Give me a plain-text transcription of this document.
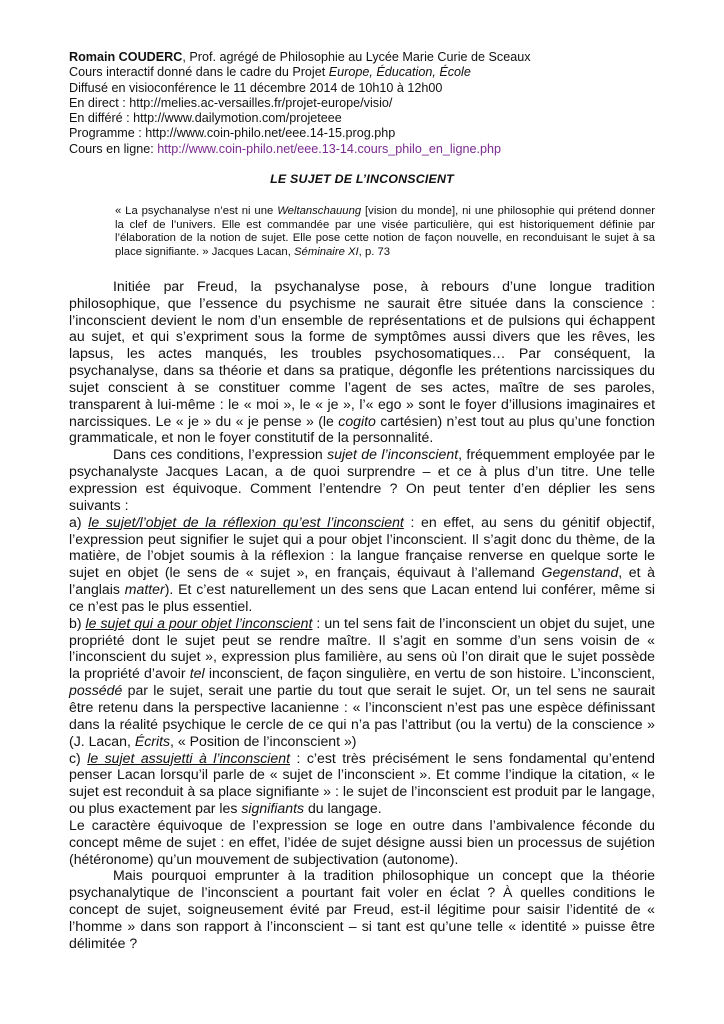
Romain COUDERC, Prof. agrégé de Philosophie au Lycée Marie Curie de Sceaux
Cours interactif donné dans le cadre du Projet Europe, Éducation, École
Diffusé en visioconférence le 11 décembre 2014 de 10h10 à 12h00
En direct : http://melies.ac-versailles.fr/projet-europe/visio/
En différé : http://www.dailymotion.com/projeteee
Programme : http://www.coin-philo.net/eee.14-15.prog.php
Cours en ligne: http://www.coin-philo.net/eee.13-14.cours_philo_en_ligne.php
LE SUJET DE L’INCONSCIENT
« La psychanalyse n’est ni une Weltanschauung [vision du monde], ni une philosophie qui prétend donner la clef de l’univers. Elle est commandée par une visée particulière, qui est historiquement définie par l’élaboration de la notion de sujet. Elle pose cette notion de façon nouvelle, en reconduisant le sujet à sa place signifiante. » Jacques Lacan, Séminaire XI, p. 73

Initiée par Freud, la psychanalyse pose, à rebours d’une longue tradition philosophique, que l’essence du psychisme ne saurait être située dans la conscience : l’inconscient devient le nom d’un ensemble de représentations et de pulsions qui échappent au sujet, et qui s’expriment sous la forme de symptômes aussi divers que les rêves, les lapsus, les actes manqués, les troubles psychosomatiques… Par conséquent, la psychanalyse, dans sa théorie et dans sa pratique, dégonfle les prétentions narcissiques du sujet conscient à se constituer comme l’agent de ses actes, maître de ses paroles, transparent à lui-même : le « moi », le « je », l’« ego » sont le foyer d’illusions imaginaires et narcissiques. Le « je » du « je pense » (le cogito cartésien) n’est tout au plus qu’une fonction grammaticale, et non le foyer constitutif de la personnalité.

Dans ces conditions, l’expression sujet de l’inconscient, fréquemment employée par le psychanalyste Jacques Lacan, a de quoi surprendre – et ce à plus d’un titre. Une telle expression est équivoque. Comment l’entendre ? On peut tenter d’en déplier les sens suivants :

a) le sujet/l’objet de la réflexion qu’est l’inconscient : en effet, au sens du génitif objectif, l’expression peut signifier le sujet qui a pour objet l’inconscient. Il s’agit donc du thème, de la matière, de l’objet soumis à la réflexion : la langue française renverse en quelque sorte le sujet en objet (le sens de « sujet », en français, équivaut à l’allemand Gegenstand, et à l’anglais matter). Et c’est naturellement un des sens que Lacan entend lui conférer, même si ce n’est pas le plus essentiel.

b) le sujet qui a pour objet l’inconscient : un tel sens fait de l’inconscient un objet du sujet, une propriété dont le sujet peut se rendre maître. Il s’agit en somme d’un sens voisin de « l’inconscient du sujet », expression plus familière, au sens où l’on dirait que le sujet possède la propriété d’avoir tel inconscient, de façon singulière, en vertu de son histoire. L’inconscient, possédé par le sujet, serait une partie du tout que serait le sujet. Or, un tel sens ne saurait être retenu dans la perspective lacanienne : « l’inconscient n’est pas une espèce définissant dans la réalité psychique le cercle de ce qui n’a pas l’attribut (ou la vertu) de la conscience » (J. Lacan, Écrits, « Position de l’inconscient »)

c) le sujet assujetti à l’inconscient : c’est très précisément le sens fondamental qu’entend penser Lacan lorsqu’il parle de « sujet de l’inconscient ». Et comme l’indique la citation, « le sujet est reconduit à sa place signifiante » : le sujet de l’inconscient est produit par le langage, ou plus exactement par les signifiants du langage.

Le caractère équivoque de l’expression se loge en outre dans l’ambivalence féconde du concept même de sujet : en effet, l’idée de sujet désigne aussi bien un processus de sujétion (hétéronome) qu’un mouvement de subjectivation (autonome).

Mais pourquoi emprunter à la tradition philosophique un concept que la théorie psychanalytique de l’inconscient a pourtant fait voler en éclat ? À quelles conditions le concept de sujet, soigneusement évité par Freud, est-il légitime pour saisir l’identité de « l’homme » dans son rapport à l’inconscient – si tant est qu’une telle « identité » puisse être délimitée ?
